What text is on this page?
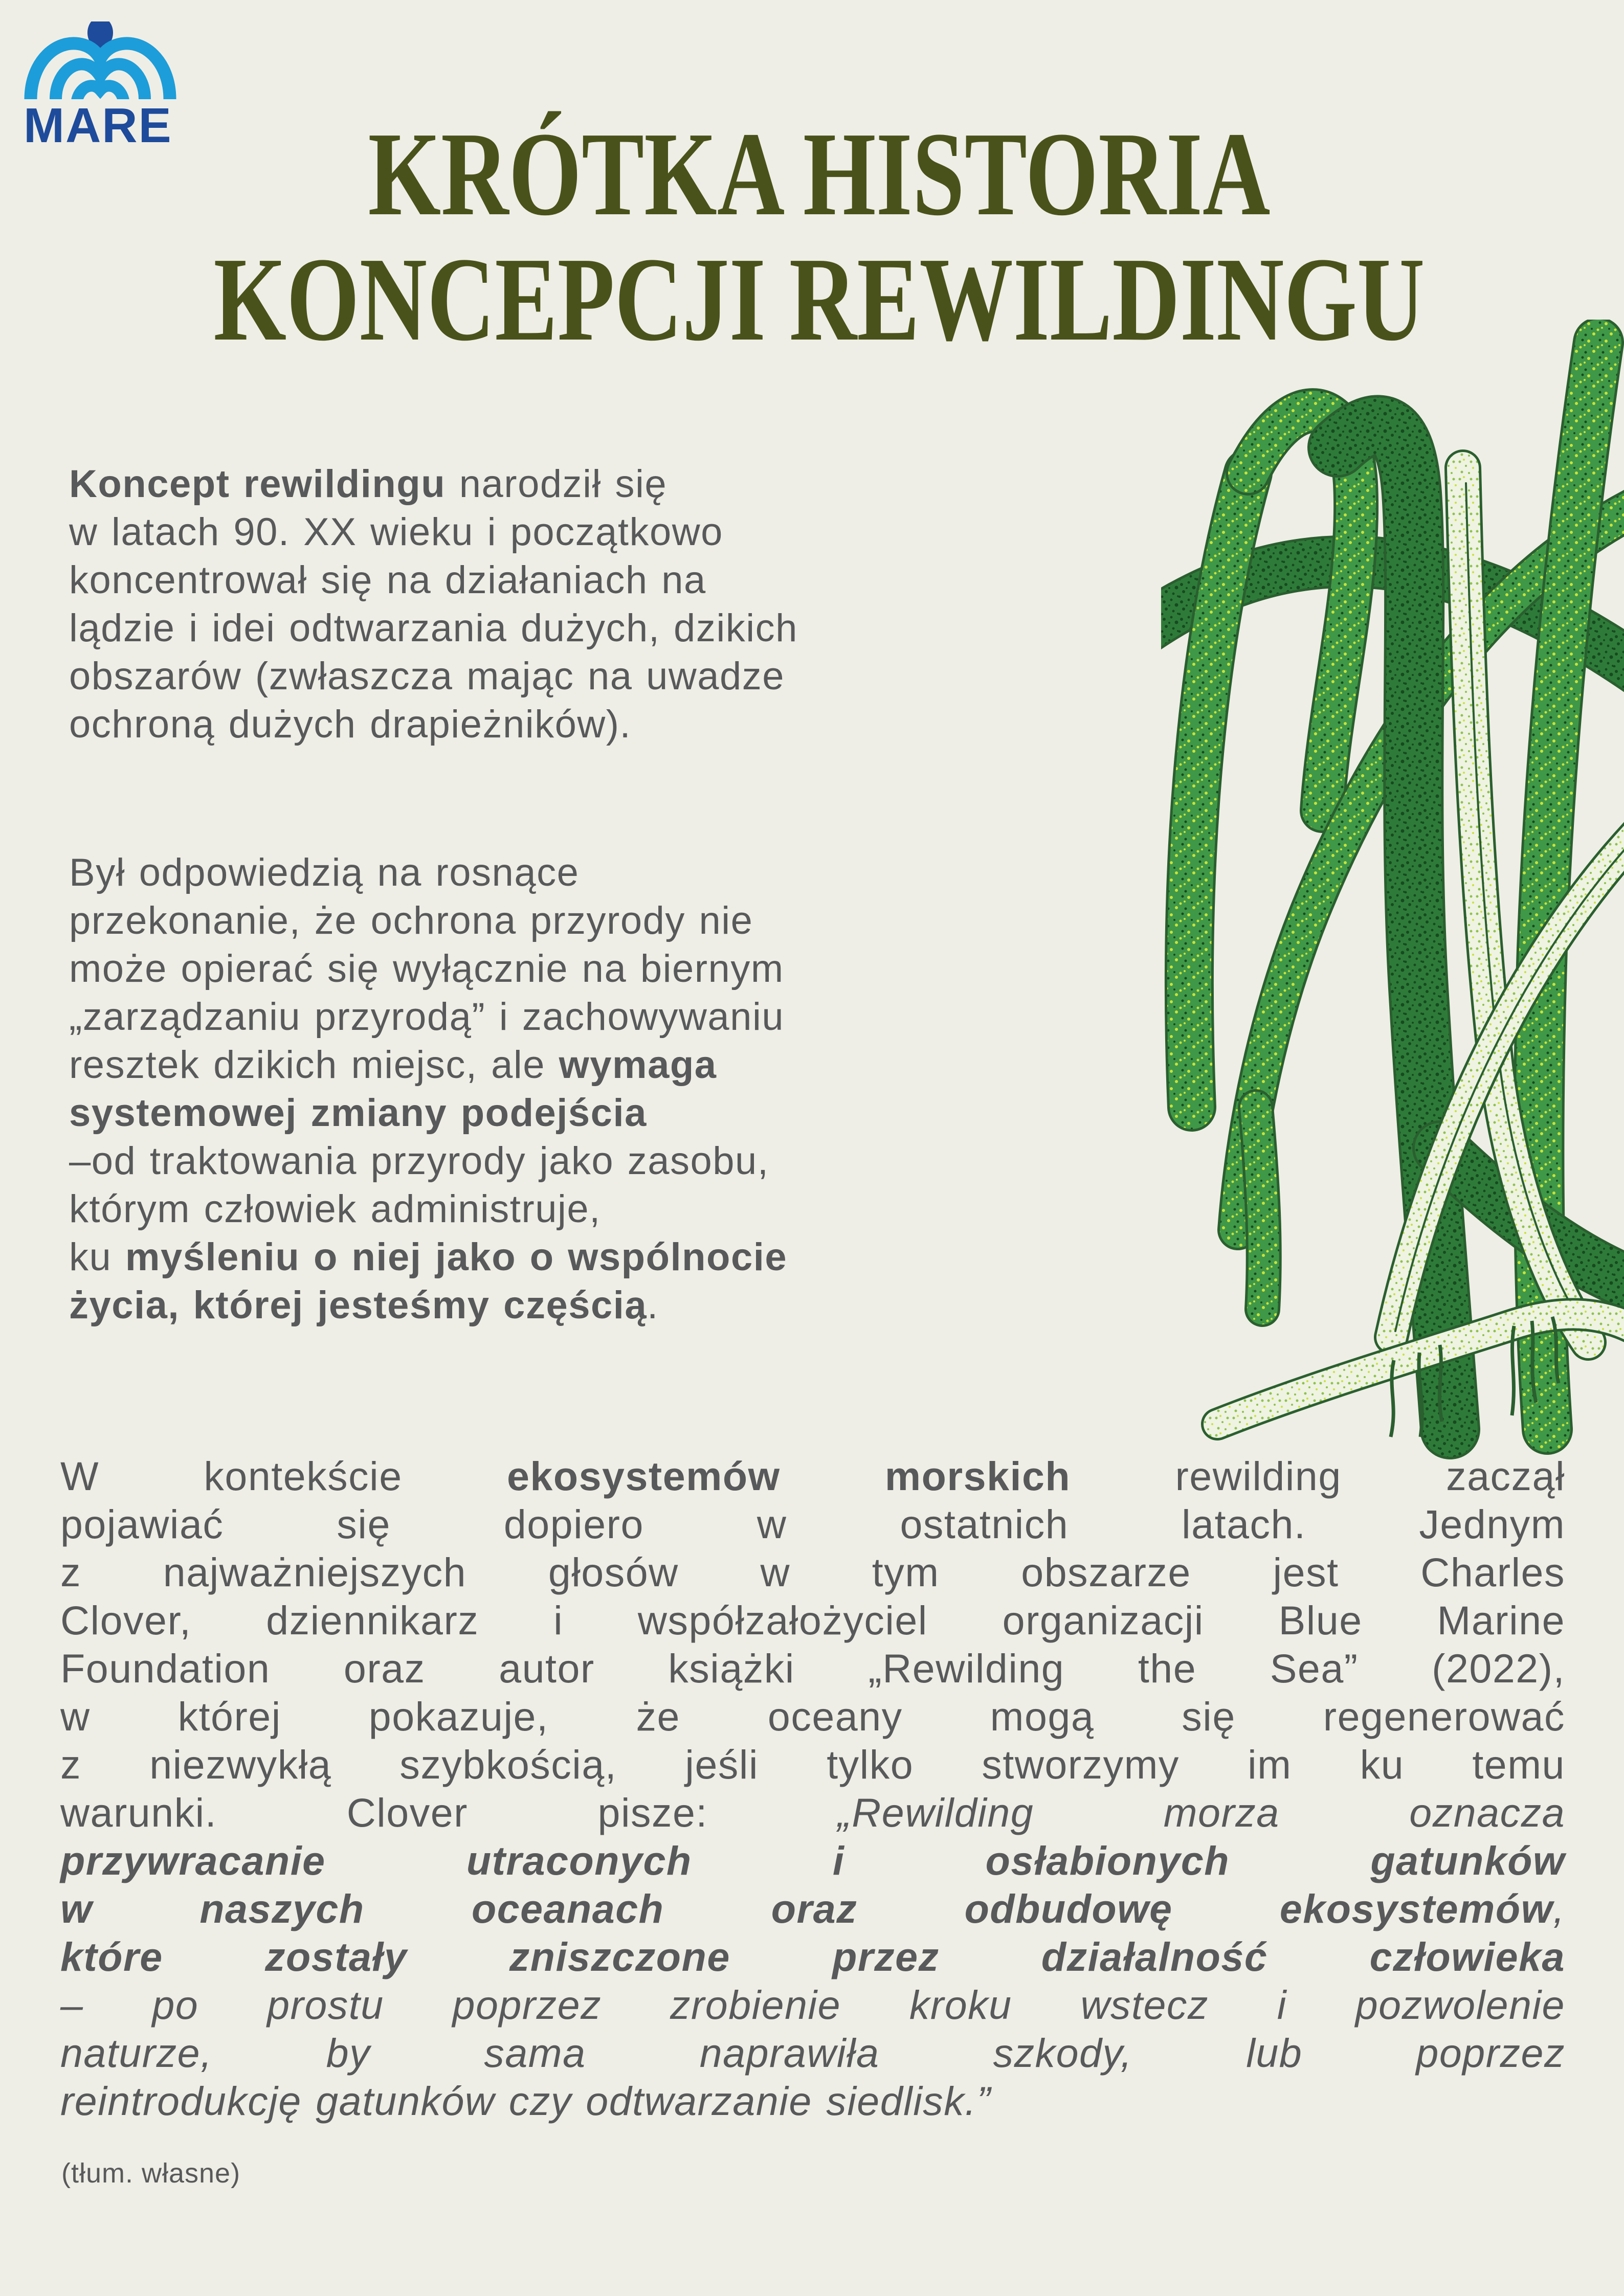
MARE	KRÓTKA HISTORIA
KONCEPCJI REWILDINGU
Koncept rewildingu narodził się
w latach 90. XX wieku i początkowo
koncentrował się na działaniach na
lądzie i idei odtwarzania dużych, dzikich
obszarów (zwłaszcza mając na uwadze
ochroną dużych drapieżników).
Był odpowiedzią na rosnące
przekonanie, że ochrona przyrody nie
może opierać się wyłącznie na biernym
„zarządzaniu przyrodą” i zachowywaniu
resztek dzikich miejsc, ale wymaga
systemowej zmiany podejścia
–od traktowania przyrody jako zasobu,
którym człowiek administruje,
ku myśleniu o niej jako o wspólnocie
życia, której jesteśmy częścią.
W kontekście ekosystemów morskich rewilding zaczął
pojawiać się dopiero w ostatnich latach. Jednym
z najważniejszych głosów w tym obszarze jest Charles
Clover, dziennikarz i współzałożyciel organizacji Blue Marine
Foundation oraz autor książki „Rewilding the Sea” (2022),
w której pokazuje, że oceany mogą się regenerować
z niezwykłą szybkością, jeśli tylko stworzymy im ku temu
warunki. Clover pisze: „Rewilding morza oznacza
przywracanie utraconych i osłabionych gatunków
w naszych oceanach oraz odbudowę ekosystemów,
które zostały zniszczone przez działalność człowieka
– po prostu poprzez zrobienie kroku wstecz i pozwolenie
naturze, by sama naprawiła szkody, lub poprzez
reintrodukcję gatunków czy odtwarzanie siedlisk.”
(tłum. własne)
